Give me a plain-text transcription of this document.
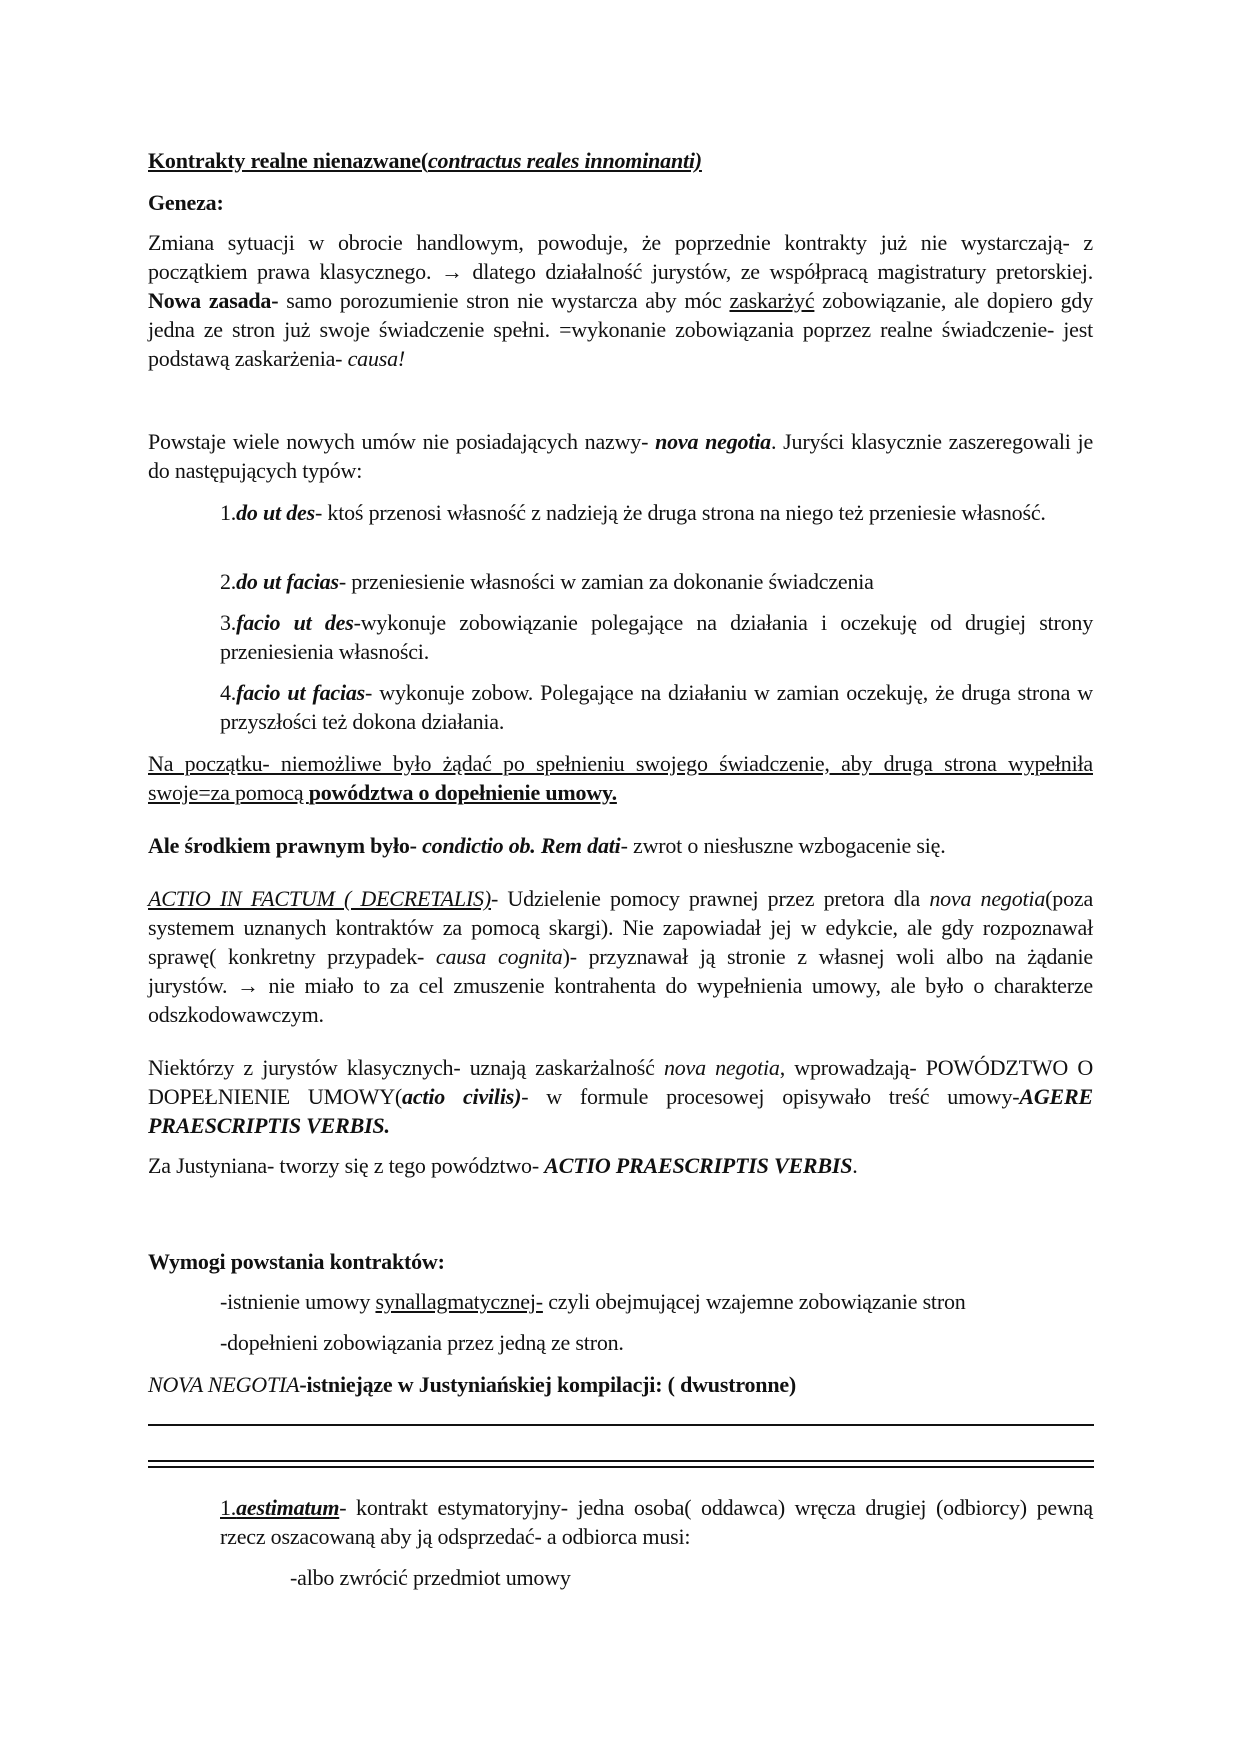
Kontrakty realne nienazwane(contractus reales innominanti)
Geneza:
Zmiana sytuacji w obrocie handlowym, powoduje, że poprzednie kontrakty już nie wystarczają- z początkiem prawa klasycznego. → dlatego działalność jurystów, ze współpracą magistratury pretorskiej. Nowa zasada- samo porozumienie stron nie wystarcza aby móc zaskarżyć zobowiązanie, ale dopiero gdy jedna ze stron już swoje świadczenie spełni. =wykonanie zobowiązania poprzez realne świadczenie- jest podstawą zaskarżenia- causa!
Powstaje wiele nowych umów nie posiadających nazwy- nova negotia. Juryści klasycznie zaszeregowali je do następujących typów:
1.do ut des- ktoś przenosi własność z nadzieją że druga strona na niego też przeniesie własność.
2.do ut facias- przeniesienie własności w zamian za dokonanie świadczenia
3.facio ut des-wykonuje zobowiązanie polegające na działania i oczekuję od drugiej strony przeniesienia własności.
4.facio ut facias- wykonuje zobow. Polegające na działaniu w zamian oczekuję, że druga strona w przyszłości też dokona działania.
Na początku- niemożliwe było żądać po spełnieniu swojego świadczenie, aby druga strona wypełniła swoje=za pomocą powództwa o dopełnienie umowy.
Ale środkiem prawnym było- condictio ob. Rem dati- zwrot o niesłuszne wzbogacenie się.
ACTIO IN FACTUM ( DECRETALIS)- Udzielenie pomocy prawnej przez pretora dla nova negotia(poza systemem uznanych kontraktów za pomocą skargi). Nie zapowiadał jej w edykcie, ale gdy rozpoznawał sprawę( konkretny przypadek- causa cognita)- przyznawał ją stronie z własnej woli albo na żądanie jurystów. → nie miało to za cel zmuszenie kontrahenta do wypełnienia umowy, ale było o charakterze odszkodowawczym.
Niektórzy z jurystów klasycznych- uznają zaskarżalność nova negotia, wprowadzają- POWÓDZTWO O DOPEŁNIENIE UMOWY(actio civilis)- w formule procesowej opisywało treść umowy-AGERE PRAESCRIPTIS VERBIS.
Za Justyniana- tworzy się z tego powództwo- ACTIO PRAESCRIPTIS VERBIS.
Wymogi powstania kontraktów:
-istnienie umowy synallagmatycznej- czyli obejmującej wzajemne zobowiązanie stron
-dopełnieni zobowiązania przez jedną ze stron.
NOVA NEGOTIA-istniejąze w Justyniańskiej kompilacji: ( dwustronne)
1.aestimatum- kontrakt estymatoryjny- jedna osoba( oddawca) wręcza drugiej (odbiorcy) pewną rzecz oszacowaną aby ją odsprzedać- a odbiorca musi:
-albo zwrócić przedmiot umowy
